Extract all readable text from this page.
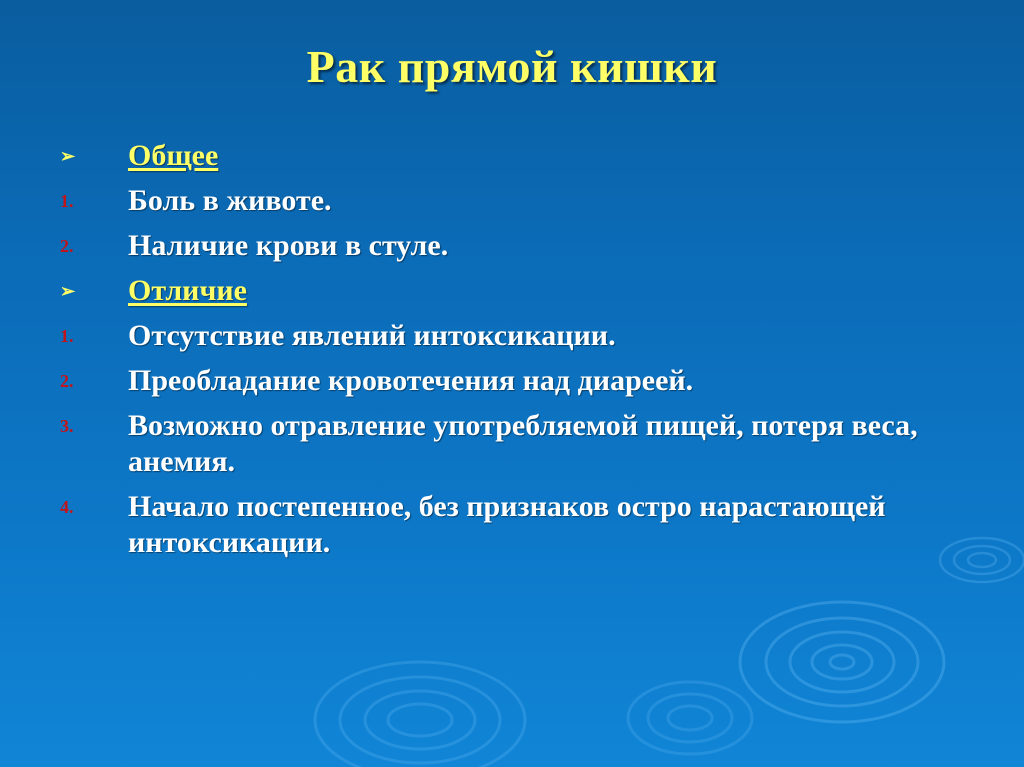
Рак прямой кишки
➢ Общее
1. Боль в животе.
2. Наличие крови в стуле.
➢ Отличие
1. Отсутствие явлений интоксикации.
2. Преобладание кровотечения над диареей.
3. Возможно отравление употребляемой пищей, потеря веса, анемия.
4. Начало постепенное, без признаков остро нарастающей интоксикации.
